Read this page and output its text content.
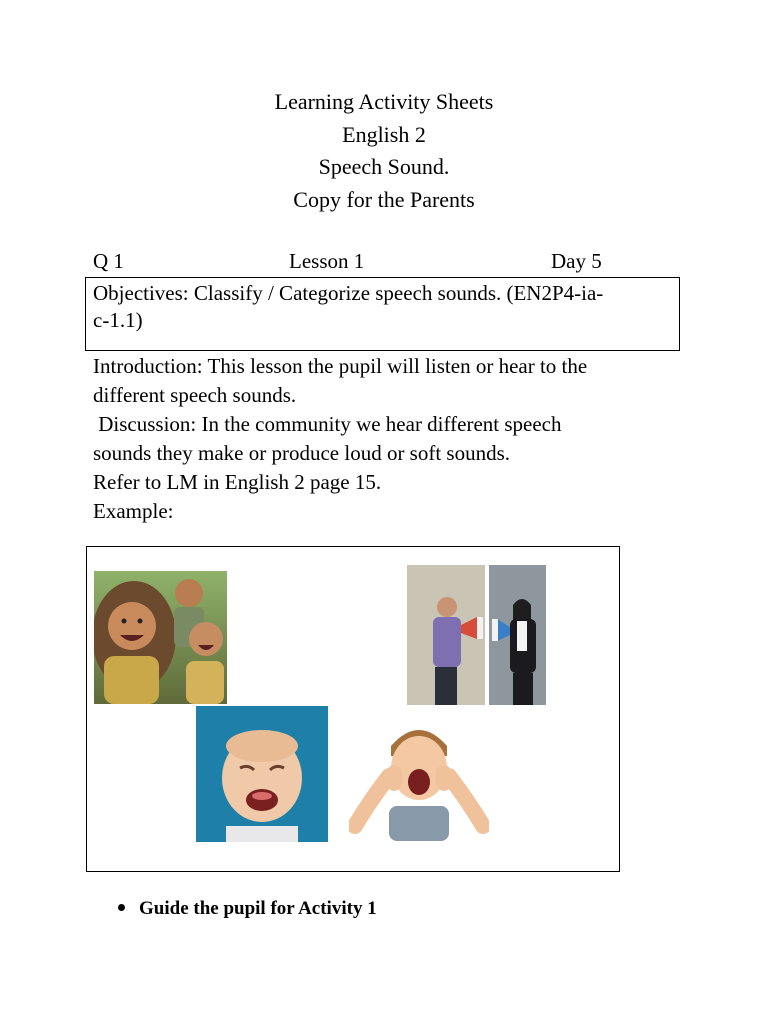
Learning Activity Sheets
English 2
Speech Sound.
Copy for the Parents
Q 1	Lesson 1	Day 5
Objectives: Classify / Categorize speech sounds. (EN2P4-ia-
c-1.1)

Introduction: This lesson the pupil will listen or hear to the

different speech sounds.

Discussion: In the community we hear different speech

sounds they make or produce loud or soft sounds.

Refer to LM in English 2 page 15.

Example:

Guide the pupil for Activity 1
